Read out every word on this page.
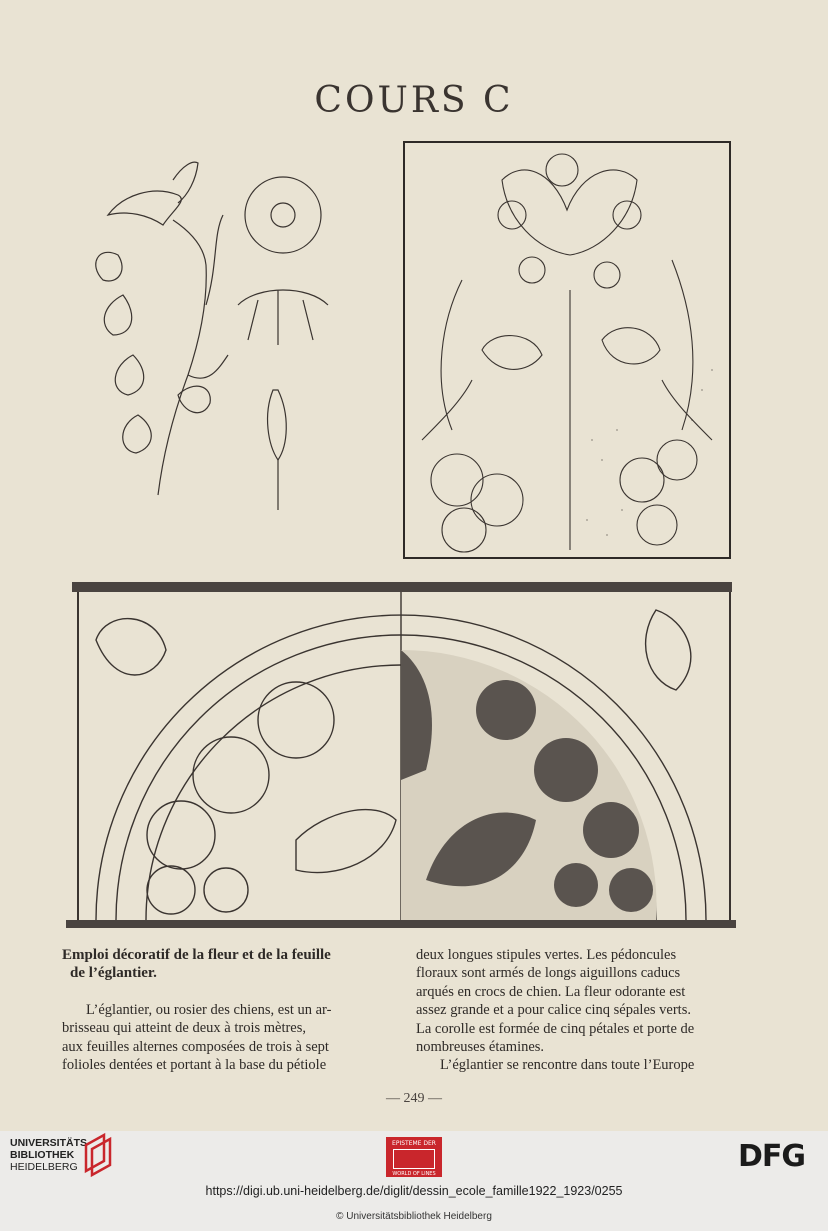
COURS C
Emploi décoratif de la fleur et de la feuille
de l’églantier.
L’églantier, ou rosier des chiens, est un ar-
brisseau qui atteint de deux à trois mètres,
aux feuilles alternes composées de trois à sept
folioles dentées et portant à la base du pétiole
deux longues stipules vertes. Les pédoncules
floraux sont armés de longs aiguillons caducs
arqués en crocs de chien. La fleur odorante est
assez grande et a pour calice cinq sépales verts.
La corolle est formée de cinq pétales et porte de
nombreuses étamines.
L’églantier se rencontre dans toute l’Europe
— 249 —
UNIVERSITÄTS-
BIBLIOTHEK
HEIDELBERG
EPISTEME DER
WORLD OF LINES	DFG
https://digi.ub.uni-heidelberg.de/diglit/dessin_ecole_famille1922_1923/0255
© Universitätsbibliothek Heidelberg
